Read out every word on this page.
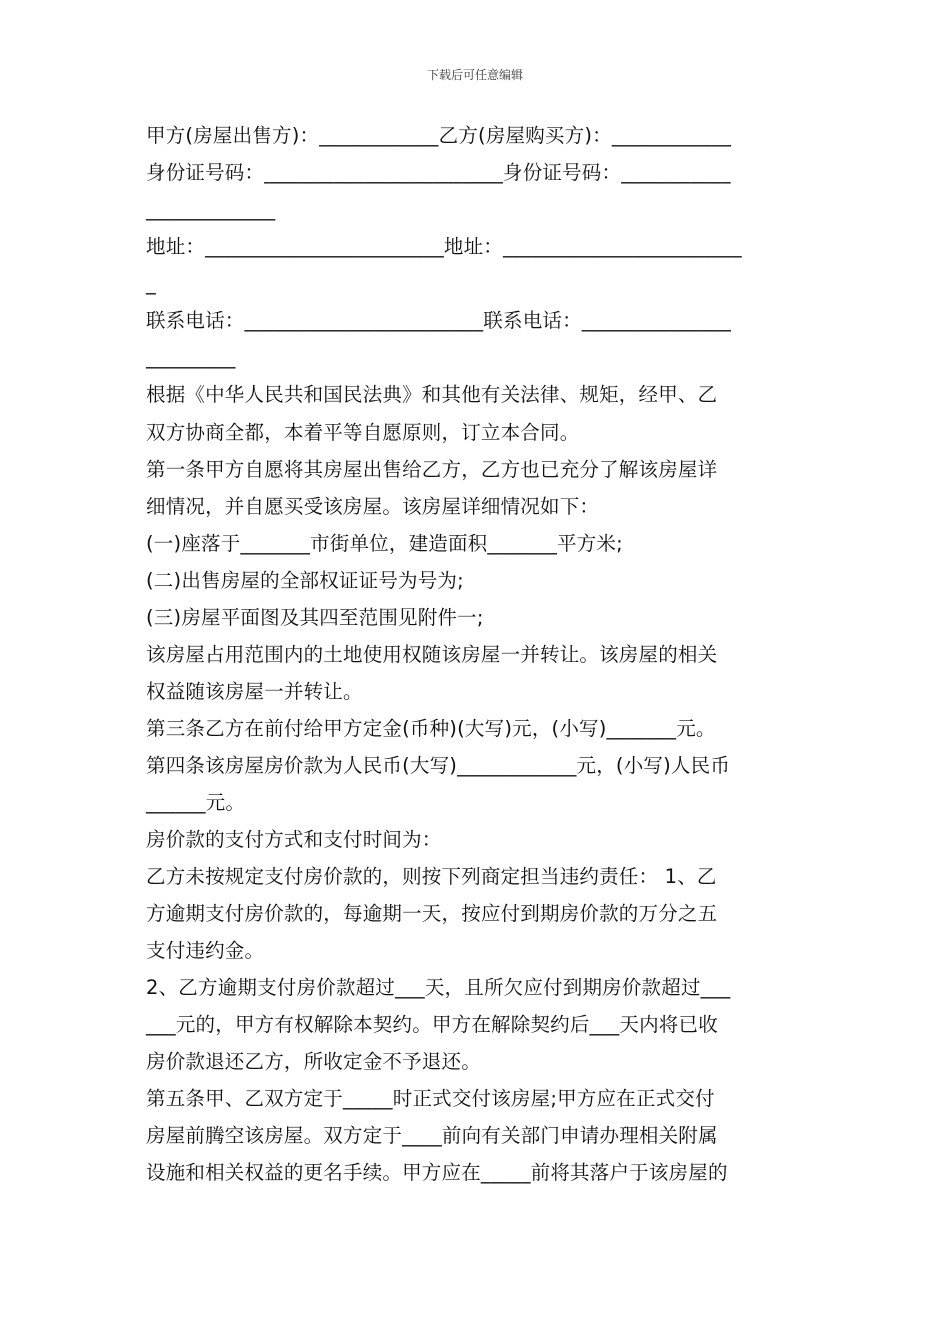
下载后可任意编辑
甲方(房屋出售方)：____________乙方(房屋购买方)：____________
身份证号码：________________________身份证号码：___________
_____________
地址：________________________地址：________________________
_
联系电话：________________________联系电话：_______________
_________
根据《中华人民共和国民法典》和其他有关法律、规矩，经甲、乙
双方协商全都，本着平等自愿原则，订立本合同。
第一条甲方自愿将其房屋出售给乙方，乙方也已充分了解该房屋详
细情况，并自愿买受该房屋。该房屋详细情况如下：
(一)座落于_______市街单位，建造面积_______平方米;
(二)出售房屋的全部权证证号为号为;
(三)房屋平面图及其四至范围见附件一;
该房屋占用范围内的土地使用权随该房屋一并转让。该房屋的相关
权益随该房屋一并转让。
第三条乙方在前付给甲方定金(币种)(大写)元，(小写)_______元。
第四条该房屋房价款为人民币(大写)____________元，(小写)人民币
______元。
房价款的支付方式和支付时间为：
乙方未按规定支付房价款的，则按下列商定担当违约责任： 1、乙
方逾期支付房价款的，每逾期一天，按应付到期房价款的万分之五
支付违约金。
2、乙方逾期支付房价款超过___天，且所欠应付到期房价款超过___
___元的，甲方有权解除本契约。甲方在解除契约后___天内将已收
房价款退还乙方，所收定金不予退还。
第五条甲、乙双方定于_____时正式交付该房屋;甲方应在正式交付
房屋前腾空该房屋。双方定于____前向有关部门申请办理相关附属
设施和相关权益的更名手续。甲方应在_____前将其落户于该房屋的
